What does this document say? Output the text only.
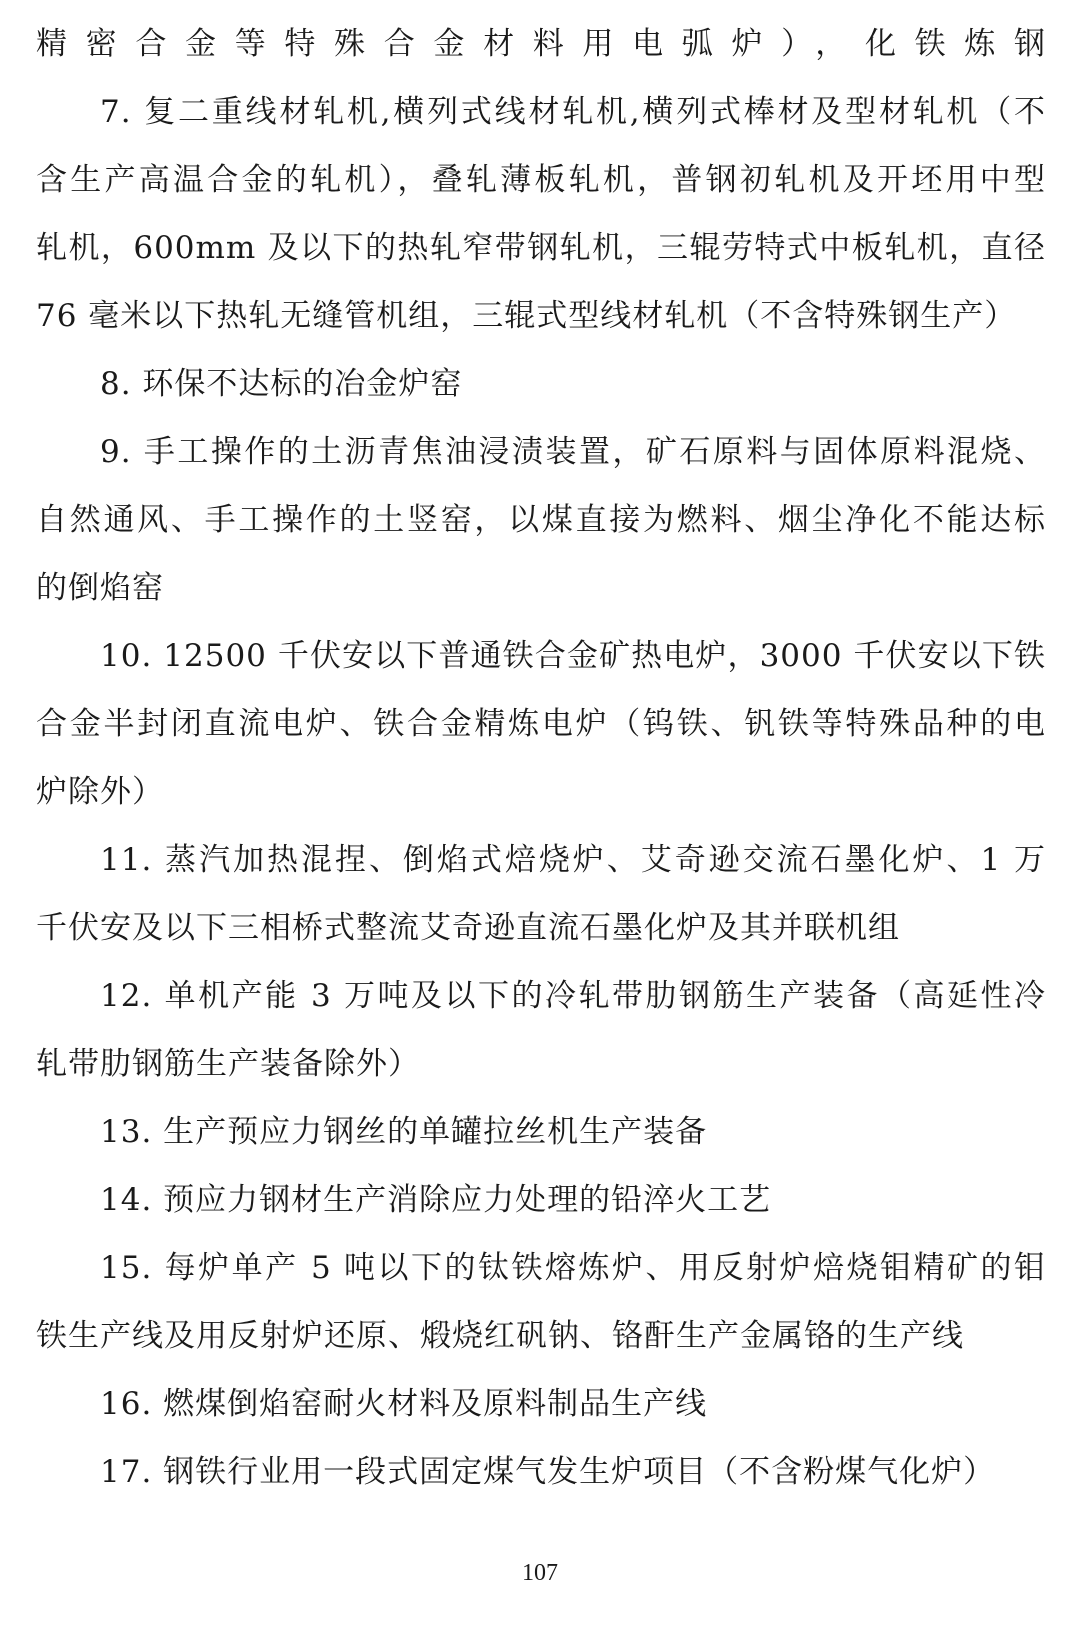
精密合金等特殊合金材料用电弧炉），化铁炼钢
7. 复二重线材轧机,横列式线材轧机,横列式棒材及型材轧机（不
含生产高温合金的轧机），叠轧薄板轧机，普钢初轧机及开坯用中型
轧机，600mm 及以下的热轧窄带钢轧机，三辊劳特式中板轧机，直径
76 毫米以下热轧无缝管机组，三辊式型线材轧机（不含特殊钢生产）
8. 环保不达标的冶金炉窑
9. 手工操作的土沥青焦油浸渍装置，矿石原料与固体原料混烧、
自然通风、手工操作的土竖窑，以煤直接为燃料、烟尘净化不能达标
的倒焰窑
10. 12500 千伏安以下普通铁合金矿热电炉，3000 千伏安以下铁
合金半封闭直流电炉、铁合金精炼电炉（钨铁、钒铁等特殊品种的电
炉除外）
11. 蒸汽加热混捏、倒焰式焙烧炉、艾奇逊交流石墨化炉、1 万
千伏安及以下三相桥式整流艾奇逊直流石墨化炉及其并联机组
12. 单机产能 3 万吨及以下的冷轧带肋钢筋生产装备（高延性冷
轧带肋钢筋生产装备除外）
13. 生产预应力钢丝的单罐拉丝机生产装备
14. 预应力钢材生产消除应力处理的铅淬火工艺
15. 每炉单产 5 吨以下的钛铁熔炼炉、用反射炉焙烧钼精矿的钼
铁生产线及用反射炉还原、煅烧红矾钠、铬酐生产金属铬的生产线
16. 燃煤倒焰窑耐火材料及原料制品生产线
17. 钢铁行业用一段式固定煤气发生炉项目（不含粉煤气化炉）
107
